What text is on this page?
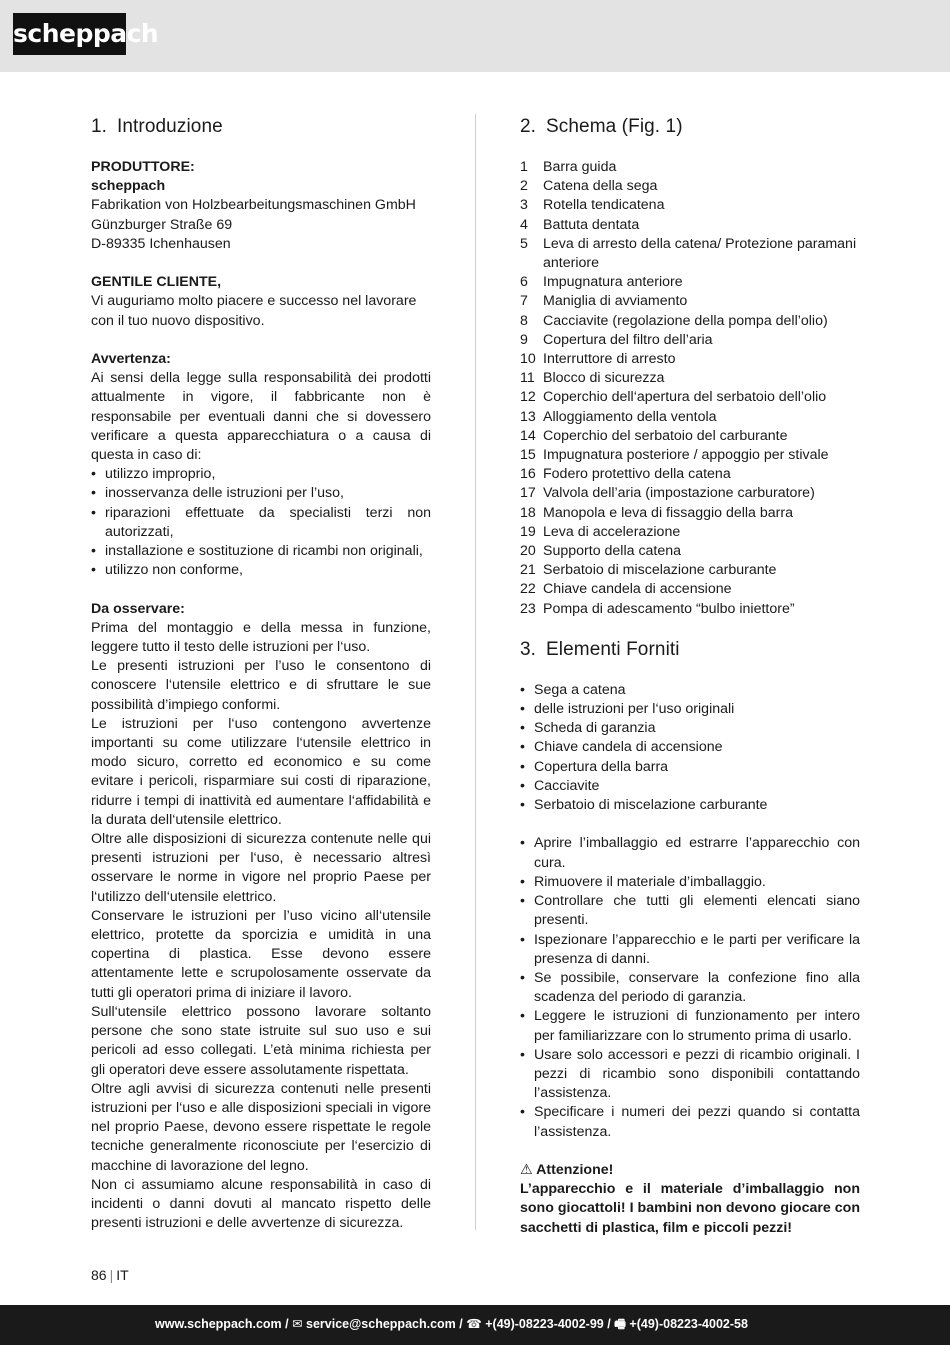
scheppach
1. Introduzione
PRODUTTORE:
scheppach
Fabrikation von Holzbearbeitungsmaschinen GmbH
Günzburger Straße 69
D-89335 Ichenhausen
GENTILE CLIENTE,

Vi auguriamo molto piacere e successo nel lavorare con il tuo nuovo dispositivo.

Avvertenza:

Ai sensi della legge sulla responsabilità dei prodotti attualmente in vigore, il fabbricante non è responsabile per eventuali danni che si dovessero verificare a questa apparecchiatura o a causa di questa in caso di:

• utilizzo improprio,
• inosservanza delle istruzioni per l’uso,
• riparazioni effettuate da specialisti terzi non autorizzati,
• installazione e sostituzione di ricambi non originali,
• utilizzo non conforme,
Da osservare:

Prima del montaggio e della messa in funzione, leggere tutto il testo delle istruzioni per l‘uso.

Le presenti istruzioni per l’uso le consentono di conoscere l‘utensile elettrico e di sfruttare le sue possibilità d’impiego conformi.

Le istruzioni per l‘uso contengono avvertenze importanti su come utilizzare l‘utensile elettrico in modo sicuro, corretto ed economico e su come evitare i pericoli, risparmiare sui costi di riparazione, ridurre i tempi di inattività ed aumentare l‘affidabilità e la durata dell‘utensile elettrico.

Oltre alle disposizioni di sicurezza contenute nelle qui presenti istruzioni per l‘uso, è necessario altresì osservare le norme in vigore nel proprio Paese per l‘utilizzo dell‘utensile elettrico.

Conservare le istruzioni per l’uso vicino all‘utensile elettrico, protette da sporcizia e umidità in una copertina di plastica. Esse devono essere attentamente lette e scrupolosamente osservate da tutti gli operatori prima di iniziare il lavoro.

Sull‘utensile elettrico possono lavorare soltanto persone che sono state istruite sul suo uso e sui pericoli ad esso collegati. L’età minima richiesta per gli operatori deve essere assolutamente rispettata.

Oltre agli avvisi di sicurezza contenuti nelle presenti istruzioni per l‘uso e alle disposizioni speciali in vigore nel proprio Paese, devono essere rispettate le regole tecniche generalmente riconosciute per l‘esercizio di macchine di lavorazione del legno.

Non ci assumiamo alcune responsabilità in caso di incidenti o danni dovuti al mancato rispetto delle presenti istruzioni e delle avvertenze di sicurezza.

2. Schema (Fig. 1)
1 Barra guida
2 Catena della sega
3 Rotella tendicatena
4 Battuta dentata
5 Leva di arresto della catena/ Protezione paramani anteriore
6 Impugnatura anteriore
7 Maniglia di avviamento
8 Cacciavite (regolazione della pompa dell’olio)
9 Copertura del filtro dell’aria
10 Interruttore di arresto
11 Blocco di sicurezza
12 Coperchio dell‘apertura del serbatoio dell’olio
13 Alloggiamento della ventola
14 Coperchio del serbatoio del carburante
15 Impugnatura posteriore / appoggio per stivale
16 Fodero protettivo della catena
17 Valvola dell’aria (impostazione carburatore)
18 Manopola e leva di fissaggio della barra
19 Leva di accelerazione
20 Supporto della catena
21 Serbatoio di miscelazione carburante
22 Chiave candela di accensione
23 Pompa di adescamento “bulbo iniettore”
3. Elementi Forniti
• Sega a catena
• delle istruzioni per l‘uso originali
• Scheda di garanzia
• Chiave candela di accensione
• Copertura della barra
• Cacciavite
• Serbatoio di miscelazione carburante
• Aprire l’imballaggio ed estrarre l’apparecchio con cura.
• Rimuovere il materiale d’imballaggio.
• Controllare che tutti gli elementi elencati siano presenti.
• Ispezionare l’apparecchio e le parti per verificare la presenza di danni.
• Se possibile, conservare la confezione fino alla scadenza del periodo di garanzia.
• Leggere le istruzioni di funzionamento per intero per familiarizzare con lo strumento prima di usarlo.
• Usare solo accessori e pezzi di ricambio originali. I pezzi di ricambio sono disponibili contattando l’assistenza.
• Specificare i numeri dei pezzi quando si contatta l’assistenza.
⚠ Attenzione!

L’apparecchio e il materiale d’imballaggio non sono giocattoli! I bambini non devono giocare con sacchetti di plastica, film e piccoli pezzi!

86 | IT
www.scheppach.com / ✉ service@scheppach.com / ☎ +(49)-08223-4002-99 / 🖷 +(49)-08223-4002-58
